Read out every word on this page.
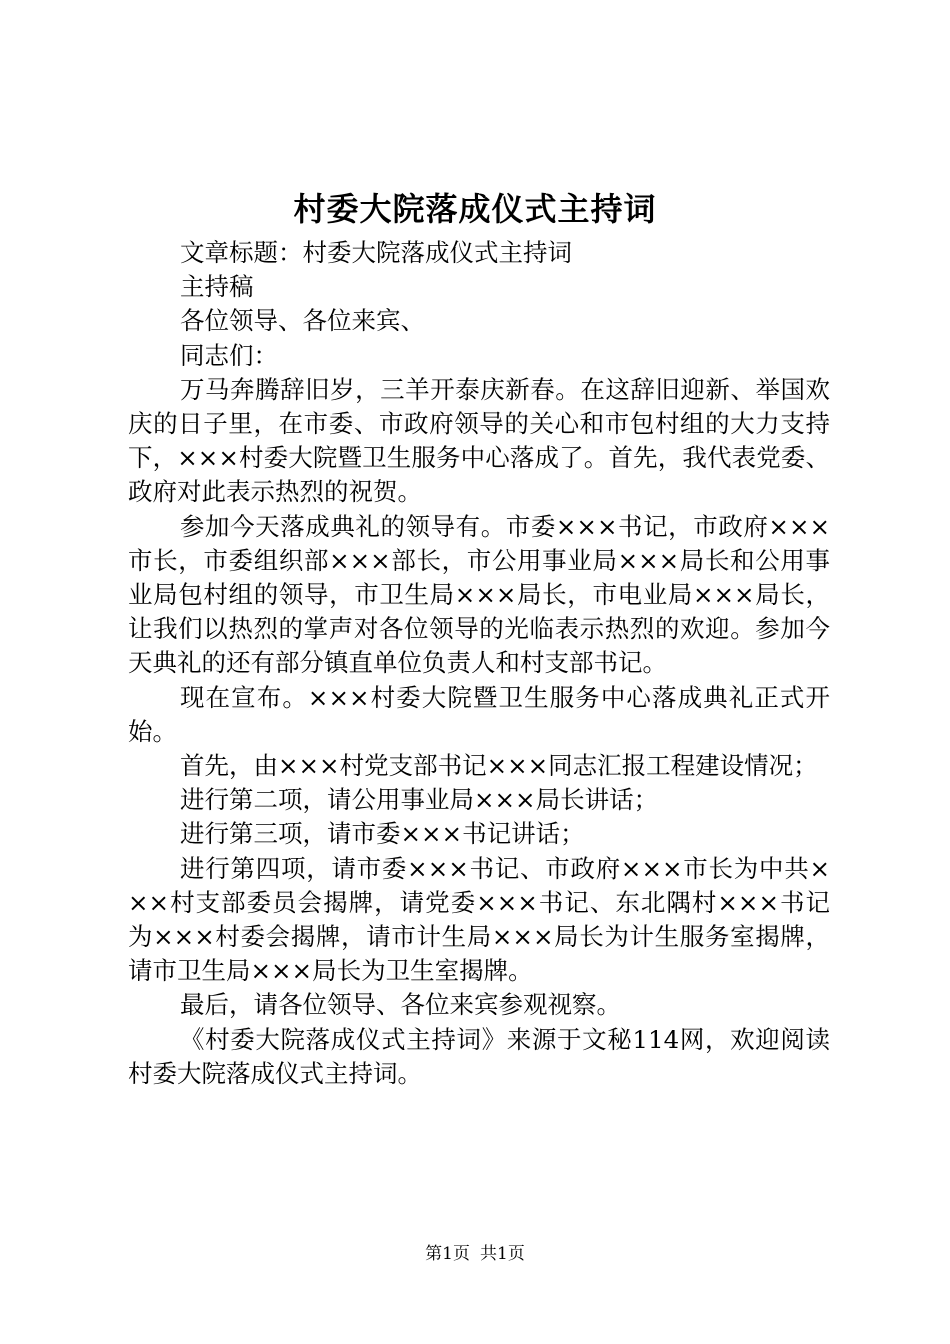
村委大院落成仪式主持词

文章标题：村委大院落成仪式主持词

主持稿

各位领导、各位来宾、

同志们：

万马奔腾辞旧岁，三羊开泰庆新春。在这辞旧迎新、举国欢庆的日子里，在市委、市政府领导的关心和市包村组的大力支持下，×××村委大院暨卫生服务中心落成了。首先，我代表党委、政府对此表示热烈的祝贺。

参加今天落成典礼的领导有。市委×××书记，市政府×××市长，市委组织部×××部长，市公用事业局×××局长和公用事业局包村组的领导，市卫生局×××局长，市电业局×××局长，让我们以热烈的掌声对各位领导的光临表示热烈的欢迎。参加今天典礼的还有部分镇直单位负责人和村支部书记。

现在宣布。×××村委大院暨卫生服务中心落成典礼正式开始。

首先，由×××村党支部书记×××同志汇报工程建设情况；

进行第二项，请公用事业局×××局长讲话；

进行第三项，请市委×××书记讲话；

进行第四项，请市委×××书记、市政府×××市长为中共×××村支部委员会揭牌，请党委×××书记、东北隅村×××书记为×××村委会揭牌，请市计生局×××局长为计生服务室揭牌，请市卫生局×××局长为卫生室揭牌。

最后，请各位领导、各位来宾参观视察。

《村委大院落成仪式主持词》来源于文秘114网，欢迎阅读村委大院落成仪式主持词。

第1页 共1页
